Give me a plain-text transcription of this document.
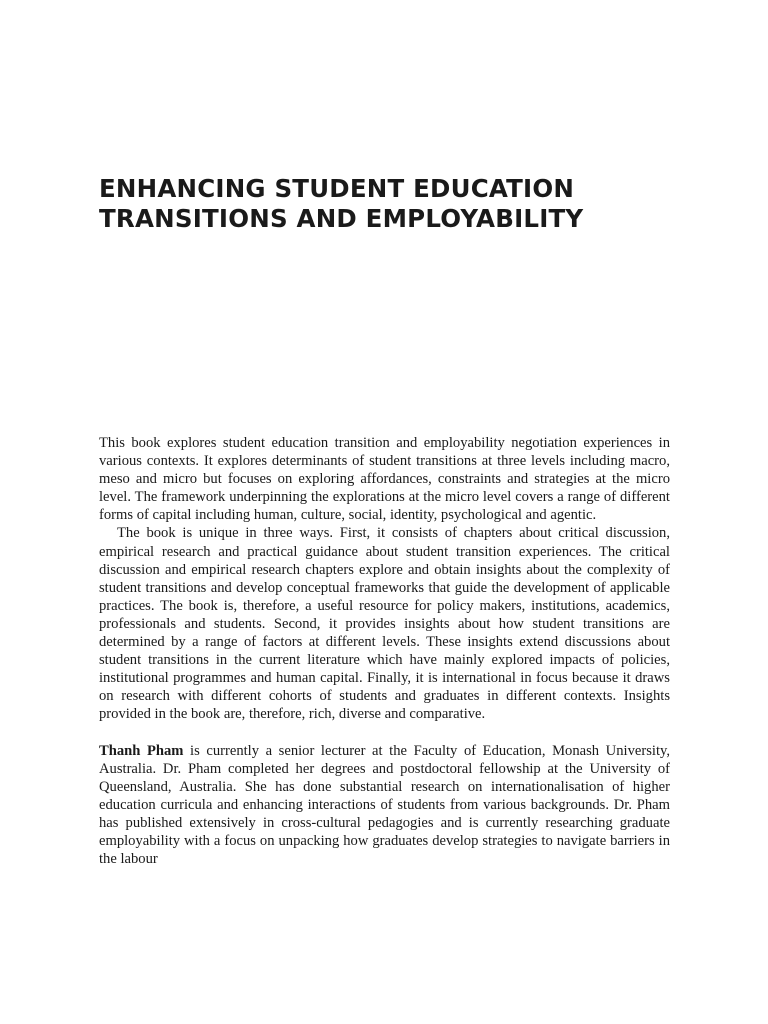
ENHANCING STUDENT EDUCATION
TRANSITIONS AND EMPLOYABILITY

This book explores student education transition and employability negotiation experiences in various contexts. It explores determinants of student transitions at three levels including macro, meso and micro but focuses on exploring affordances, constraints and strategies at the micro level. The framework underpinning the explorations at the micro level covers a range of different forms of capital including human, culture, social, identity, psychological and agentic.

The book is unique in three ways. First, it consists of chapters about critical discussion, empirical research and practical guidance about student transition experiences. The critical discussion and empirical research chapters explore and obtain insights about the complexity of student transitions and develop conceptual frameworks that guide the development of applicable practices. The book is, therefore, a useful resource for policy makers, institutions, academics, professionals and students. Second, it provides insights about how student transitions are determined by a range of factors at different levels. These insights extend discussions about student transitions in the current literature which have mainly explored impacts of policies, institutional programmes and human capital. Finally, it is international in focus because it draws on research with different cohorts of students and graduates in different contexts. Insights provided in the book are, therefore, rich, diverse and comparative.

Thanh Pham is currently a senior lecturer at the Faculty of Education, Monash University, Australia. Dr. Pham completed her degrees and postdoctoral fellowship at the University of Queensland, Australia. She has done substantial research on internationalisation of higher education curricula and enhancing interactions of students from various backgrounds. Dr. Pham has published extensively in cross-cultural pedagogies and is currently researching graduate employability with a focus on unpacking how graduates develop strategies to navigate barriers in the labour
